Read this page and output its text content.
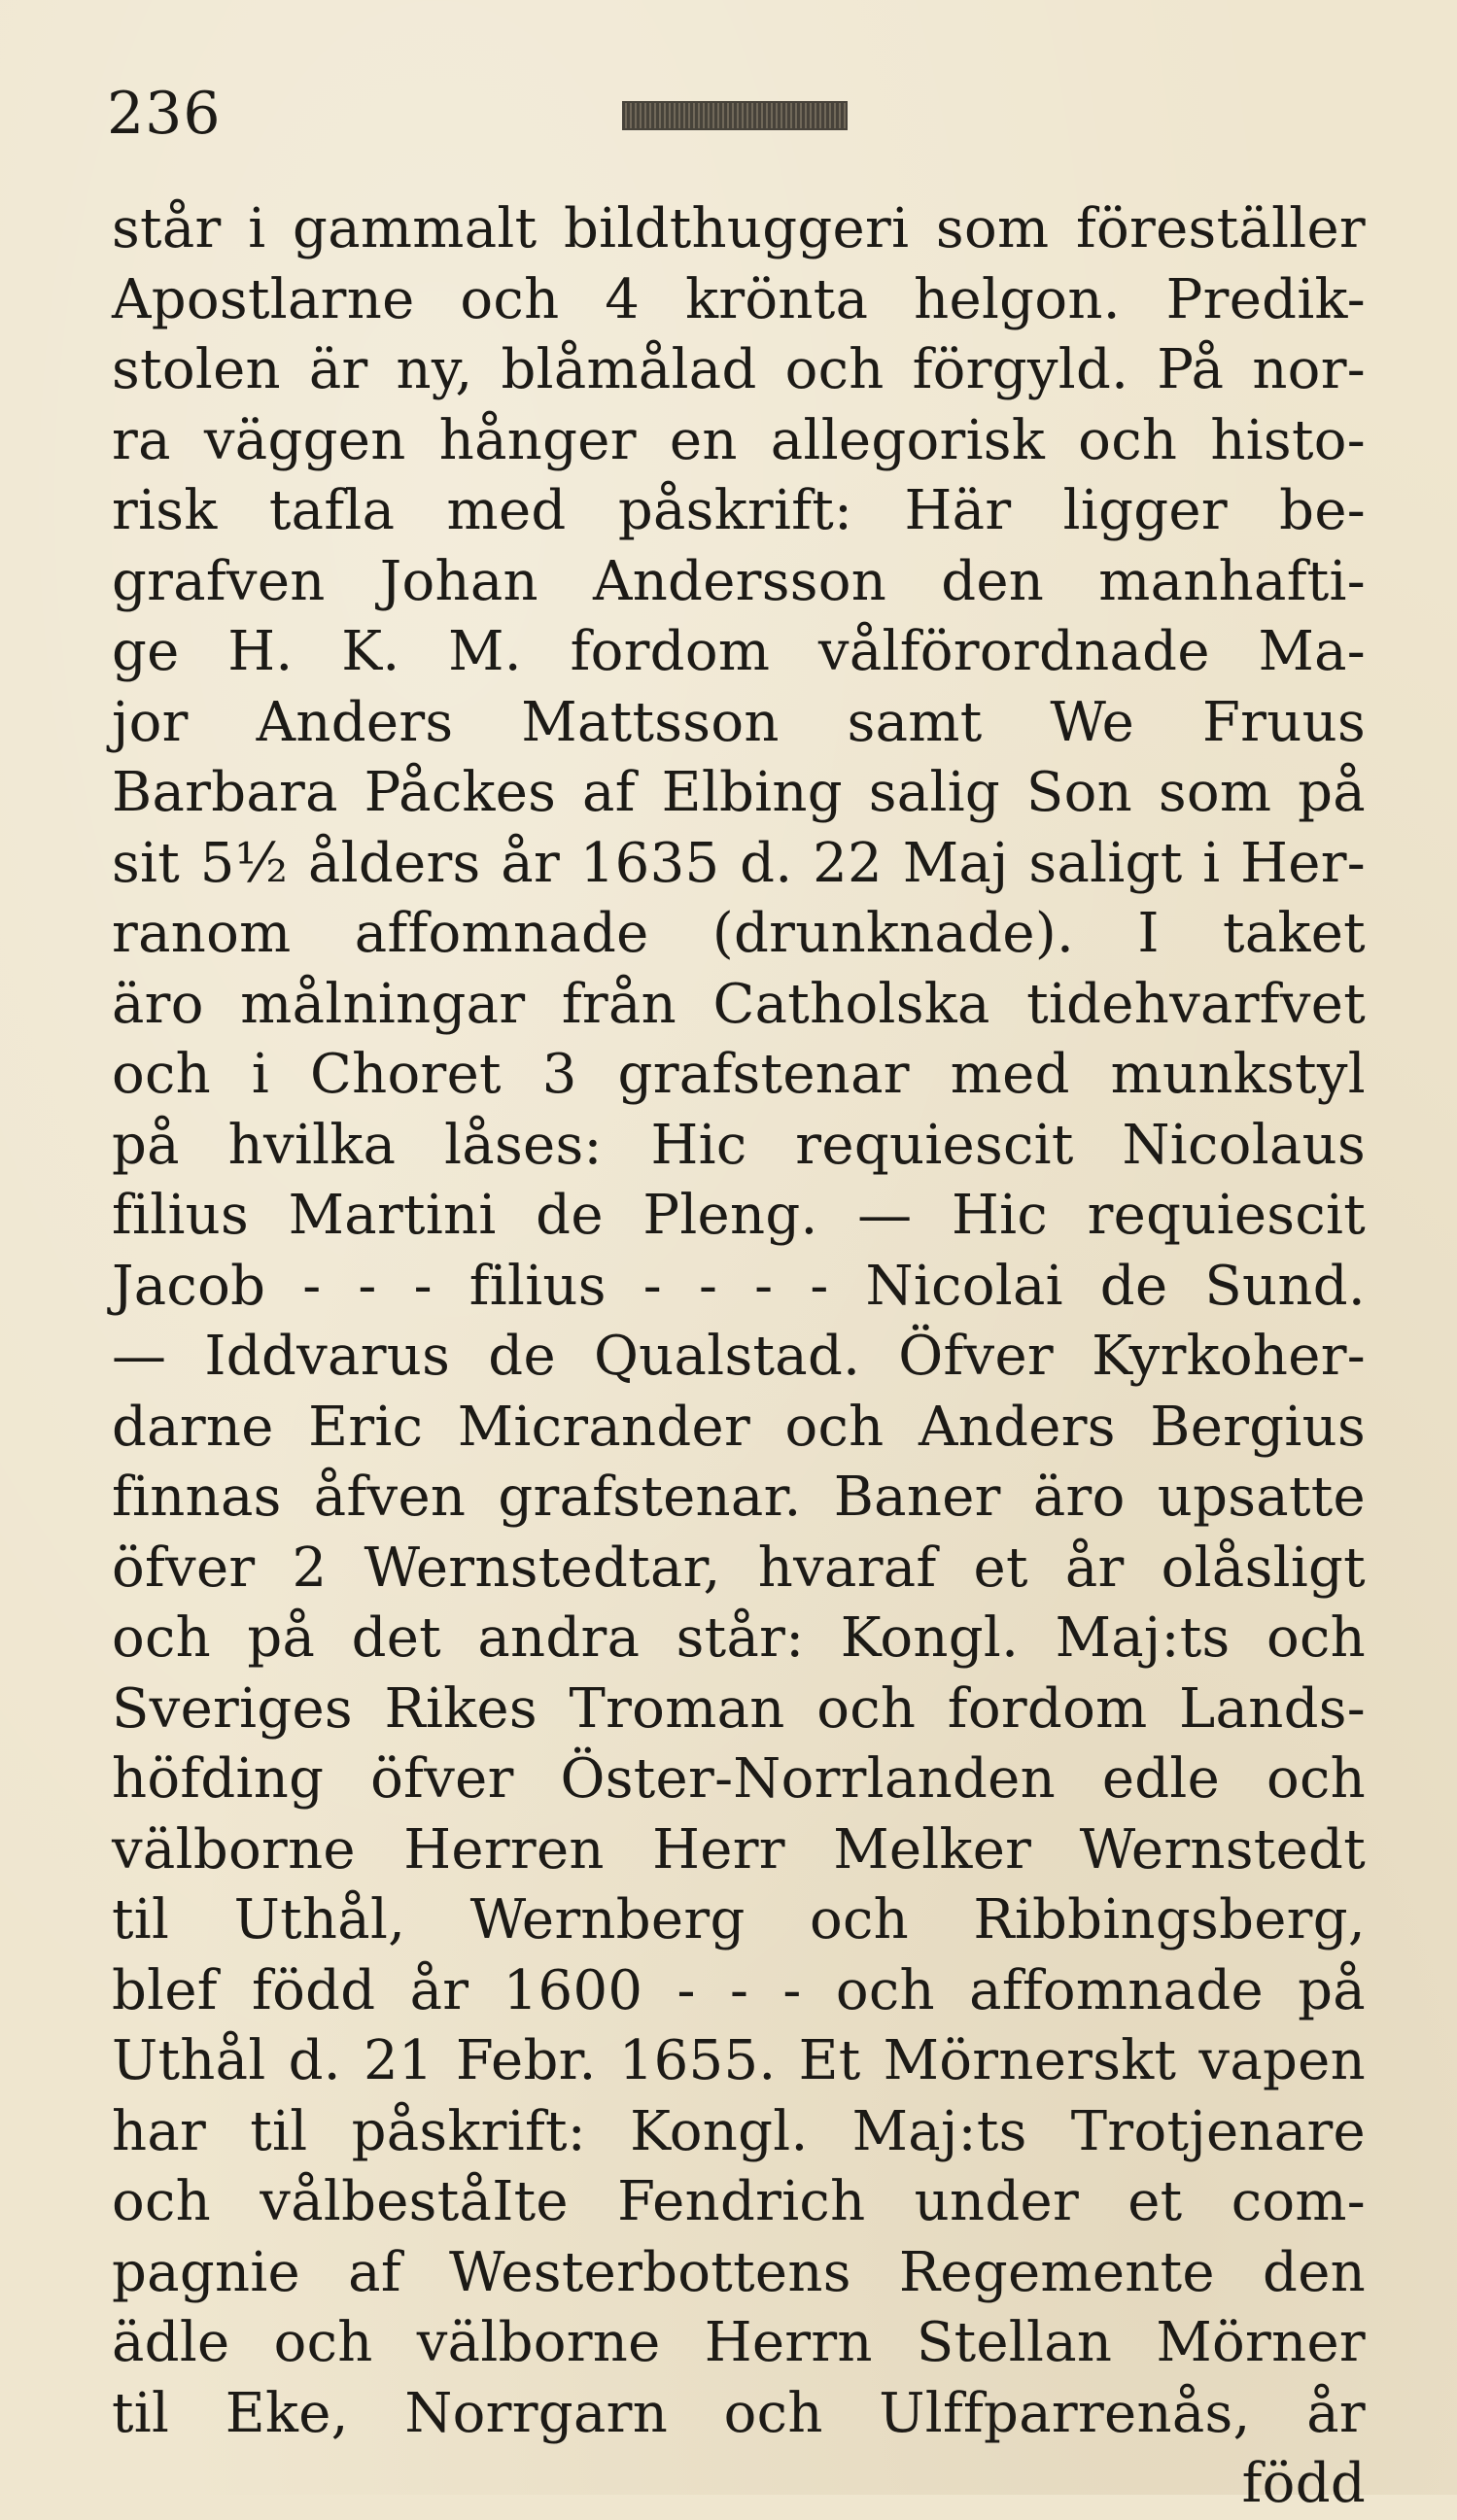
236
står i gammalt bildthuggeri som föreställer
Apostlarne och 4 krönta helgon. Predik-
stolen är ny, blåmålad och förgyld. På nor-
ra väggen hånger en allegorisk och histo-
risk tafla med påskrift: Här ligger be-
grafven Johan Andersson den manhafti-
ge H. K. M. fordom vålförordnade Ma-
jor Anders Mattsson samt We Fruus
Barbara Påckes af Elbing salig Son som på
sit 5½ ålders år 1635 d. 22 Maj saligt i Her-
ranom affomnade (drunknade). I taket
äro målningar från Catholska tidehvarfvet
och i Choret 3 grafstenar med munkstyl
på hvilka låses: Hic requiescit Nicolaus
filius Martini de Pleng. — Hic requiescit
Jacob - - - filius - - - - Nicolai de Sund.
— Iddvarus de Qualstad. Öfver Kyrkoher-
darne Eric Micrander och Anders Bergius
finnas åfven grafstenar. Baner äro upsatte
öfver 2 Wernstedtar, hvaraf et år olåsligt
och på det andra står: Kongl. Maj:ts och
Sveriges Rikes Troman och fordom Lands-
höfding öfver Öster-Norrlanden edle och
välborne Herren Herr Melker Wernstedt
til Uthål, Wernberg och Ribbingsberg,
blef född år 1600 - - - och affomnade på
Uthål d. 21 Febr. 1655. Et Mörnerskt vapen
har til påskrift: Kongl. Maj:ts Trotjenare
och vålbeståIte Fendrich under et com-
pagnie af Westerbottens Regemente den
ädle och välborne Herrn Stellan Mörner
til Eke, Norrgarn och Ulffparrenås, år
född
